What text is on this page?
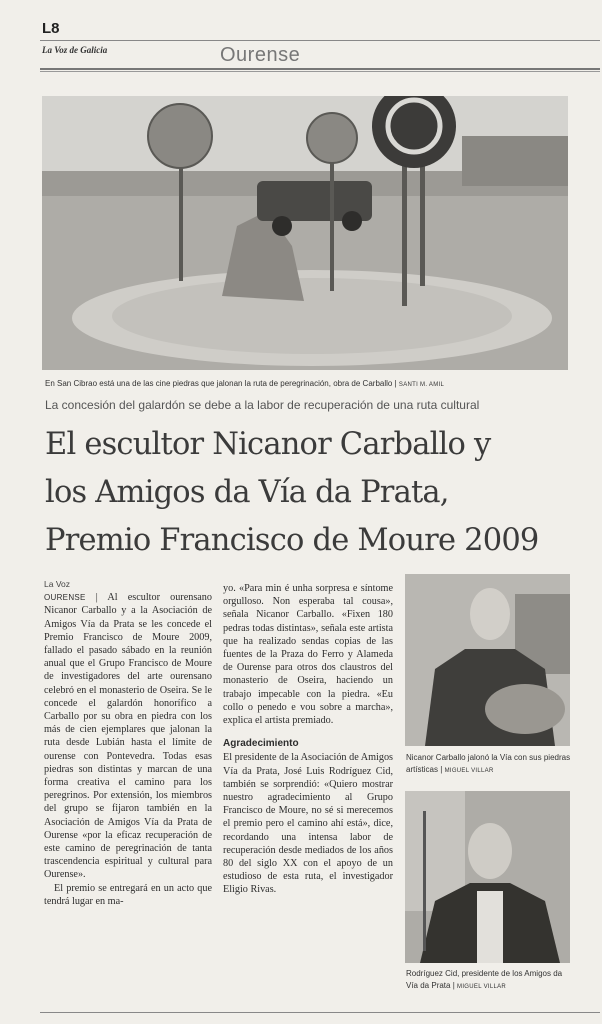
L8
La Voz de Galicia	Ourense
En San Cibrao está una de las cine piedras que jalonan la ruta de peregrinación, obra de Carballo | SANTI M. AMIL
La concesión del galardón se debe a la labor de recuperación de una ruta cultural
El escultor Nicanor Carballo y
los Amigos da Vía da Prata,
Premio Francisco de Moure 2009
La Voz

OURENSE | Al escultor ourensano Nicanor Carballo y a la Asociación de Amigos Vía da Prata se les concede el Premio Francisco de Moure 2009, fallado el pasado sábado en la reunión anual que el Grupo Francisco de Moure de investigadores del arte ourensano celebró en el monasterio de Oseira. Se le concede el galardón honorífico a Carballo por su obra en piedra con los más de cien ejemplares que jalonan la ruta desde Lubián hasta el límite de ourense con Pontevedra. Todas esas piedras son distintas y marcan de una forma creativa el camino para los peregrinos. Por extensión, los miembros del grupo se fijaron también en la Asociación de Amigos Vía da Prata de Ourense «por la eficaz recuperación de este camino de peregrinación de tanta trascendencia espiritual y cultural para Ourense».

El premio se entregará en un acto que tendrá lugar en ma-

yo. «Para min é unha sorpresa e síntome orgulloso. Non esperaba tal cousa», señala Nicanor Carballo. «Fixen 180 pedras todas distintas», señala este artista que ha realizado sendas copias de las fuentes de la Praza do Ferro y Alameda de Ourense para otros dos claustros del monasterio de Oseira, haciendo un trabajo impecable con la piedra. «Eu collo o penedo e vou sobre a marcha», explica el artista premiado.

Agradecimiento

El presidente de la Asociación de Amigos Vía da Prata, José Luis Rodríguez Cid, también se sorprendió: «Quiero mostrar nuestro agradecimiento al Grupo Francisco de Moure, no sé si merecemos el premio pero el camino ahí está», dice, recordando una intensa labor de recuperación desde mediados de los años 80 del siglo XX con el apoyo de un estudioso de esta ruta, el investigador Eligio Rivas.

Nicanor Carballo jalonó la Vía con sus piedras artísticas | MIGUEL VILLAR
Rodríguez Cid, presidente de los Amigos da Vía da Prata | MIGUEL VILLAR
